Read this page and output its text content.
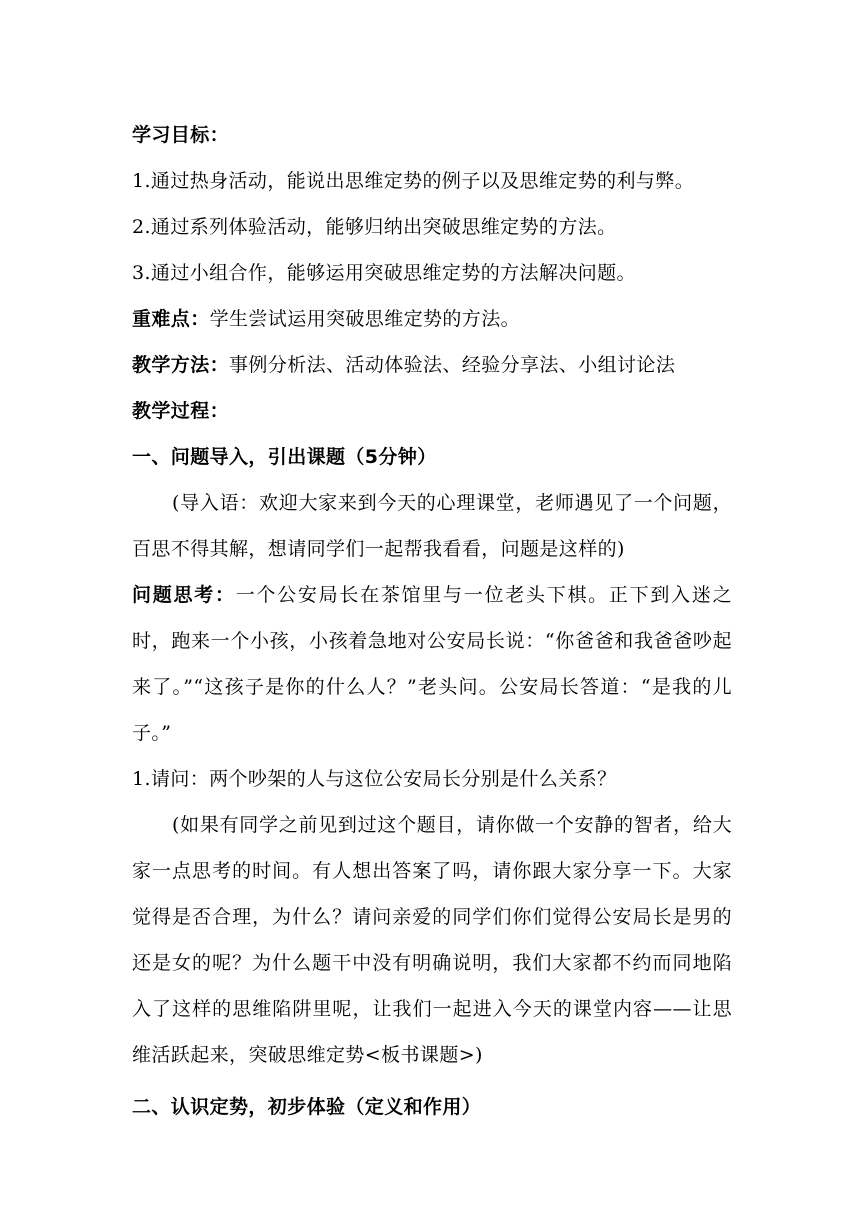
学习目标：
1.通过热身活动，能说出思维定势的例子以及思维定势的利与弊。
2.通过系列体验活动，能够归纳出突破思维定势的方法。
3.通过小组合作，能够运用突破思维定势的方法解决问题。
重难点：学生尝试运用突破思维定势的方法。
教学方法：事例分析法、活动体验法、经验分享法、小组讨论法
教学过程：
一、问题导入，引出课题（5分钟）
(导入语：欢迎大家来到今天的心理课堂，老师遇见了一个问题，百思不得其解，想请同学们一起帮我看看，问题是这样的)
问题思考：一个公安局长在茶馆里与一位老头下棋。正下到入迷之时，跑来一个小孩，小孩着急地对公安局长说：“你爸爸和我爸爸吵起来了。”“这孩子是你的什么人？”老头问。公安局长答道：“是我的儿子。”
1.请问：两个吵架的人与这位公安局长分别是什么关系？
(如果有同学之前见到过这个题目，请你做一个安静的智者，给大家一点思考的时间。有人想出答案了吗，请你跟大家分享一下。大家觉得是否合理，为什么？请问亲爱的同学们你们觉得公安局长是男的还是女的呢？为什么题干中没有明确说明，我们大家都不约而同地陷入了这样的思维陷阱里呢，让我们一起进入今天的课堂内容——让思维活跃起来，突破思维定势<板书课题>)
二、认识定势，初步体验（定义和作用）
